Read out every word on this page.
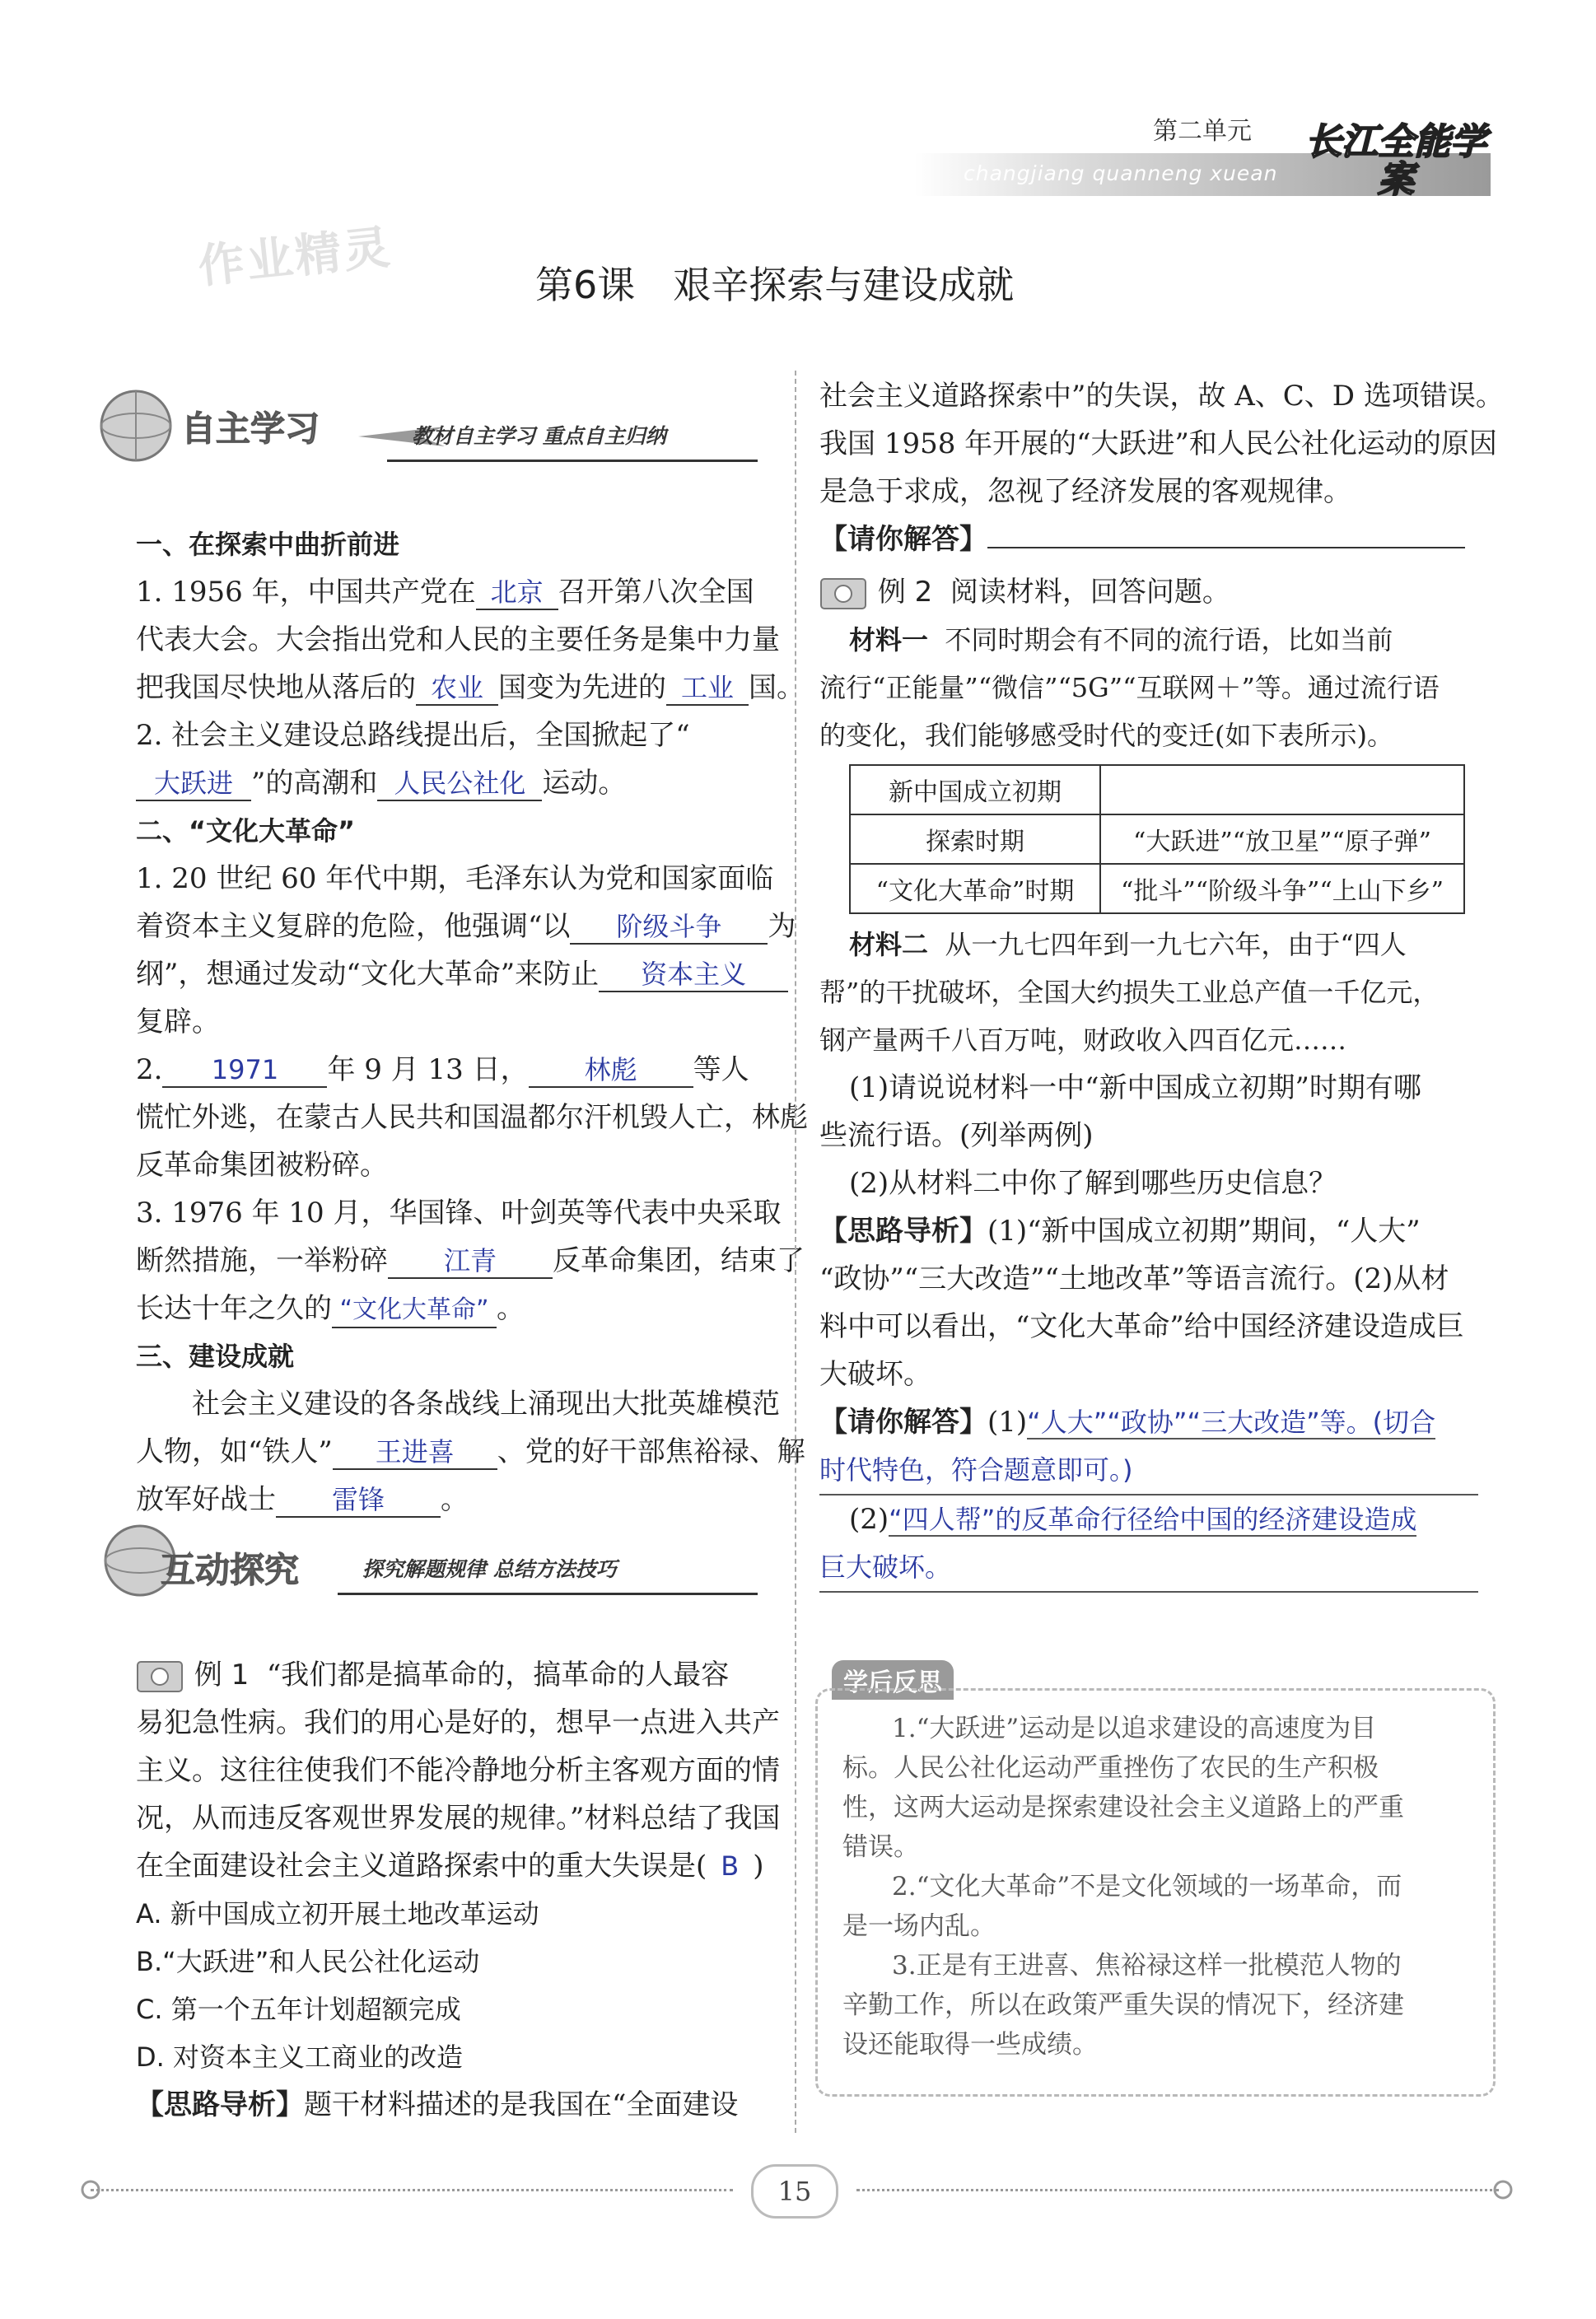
第二单元
changjiang quanneng xuean
长江全能学案
作业精灵	第6课　艰辛探索与建设成就
自主学习	教材自主学习 重点自主归纳
一、在探索中曲折前进
1. 1956 年，中国共产党在 北京 召开第八次全国
代表大会。大会指出党和人民的主要任务是集中力量
把我国尽快地从落后的 农业 国变为先进的 工业 国。
2. 社会主义建设总路线提出后，全国掀起了“
大跃进 ”的高潮和 人民公社化 运动。
二、“文化大革命”
1. 20 世纪 60 年代中期，毛泽东认为党和国家面临
着资本主义复辟的危险，他强调“以 阶级斗争 为
纲”，想通过发动“文化大革命”来防止 资本主义
复辟。
2. 1971 年 9 月 13 日， 林彪 等人
慌忙外逃，在蒙古人民共和国温都尔汗机毁人亡，林彪
反革命集团被粉碎。
3. 1976 年 10 月，华国锋、叶剑英等代表中央采取
断然措施，一举粉碎 江青 反革命集团，结束了
长达十年之久的 “文化大革命” 。
三、建设成就
社会主义建设的各条战线上涌现出大批英雄模范
人物，如“铁人” 王进喜 、党的好干部焦裕禄、解
放军好战士 雷锋 。
互动探究	探究解题规律 总结方法技巧
例 1 “我们都是搞革命的，搞革命的人最容
易犯急性病。我们的用心是好的，想早一点进入共产
主义。这往往使我们不能冷静地分析主客观方面的情
况，从而违反客观世界发展的规律。”材料总结了我国
在全面建设社会主义道路探索中的重大失误是( B )
A. 新中国成立初开展土地改革运动
B.“大跃进”和人民公社化运动
C. 第一个五年计划超额完成
D. 对资本主义工商业的改造
【思路导析】题干材料描述的是我国在“全面建设
社会主义道路探索中”的失误，故 A、C、D 选项错误。
我国 1958 年开展的“大跃进”和人民公社化运动的原因
是急于求成，忽视了经济发展的客观规律。
【请你解答】
例 2 阅读材料，回答问题。
材料一 不同时期会有不同的流行语，比如当前
流行“正能量”“微信”“5G”“互联网＋”等。通过流行语
的变化，我们能够感受时代的变迁(如下表所示)。
新中国成立初期	
探索时期	“大跃进”“放卫星”“原子弹”
“文化大革命”时期	“批斗”“阶级斗争”“上山下乡”
材料二 从一九七四年到一九七六年，由于“四人
帮”的干扰破坏，全国大约损失工业总产值一千亿元，
钢产量两千八百万吨，财政收入四百亿元……
(1)请说说材料一中“新中国成立初期”时期有哪
些流行语。(列举两例)
(2)从材料二中你了解到哪些历史信息？
【思路导析】(1)“新中国成立初期”期间，“人大”
“政协”“三大改造”“土地改革”等语言流行。(2)从材
料中可以看出，“文化大革命”给中国经济建设造成巨
大破坏。
【请你解答】(1)“人大”“政协”“三大改造”等。(切合
时代特色，符合题意即可。)
(2)“四人帮”的反革命行径给中国的经济建设造成
巨大破坏。
学后反思
1.“大跃进”运动是以追求建设的高速度为目
标。人民公社化运动严重挫伤了农民的生产积极
性，这两大运动是探索建设社会主义道路上的严重
错误。
2.“文化大革命”不是文化领域的一场革命，而
是一场内乱。
3.正是有王进喜、焦裕禄这样一批模范人物的
辛勤工作，所以在政策严重失误的情况下，经济建
设还能取得一些成绩。
15
